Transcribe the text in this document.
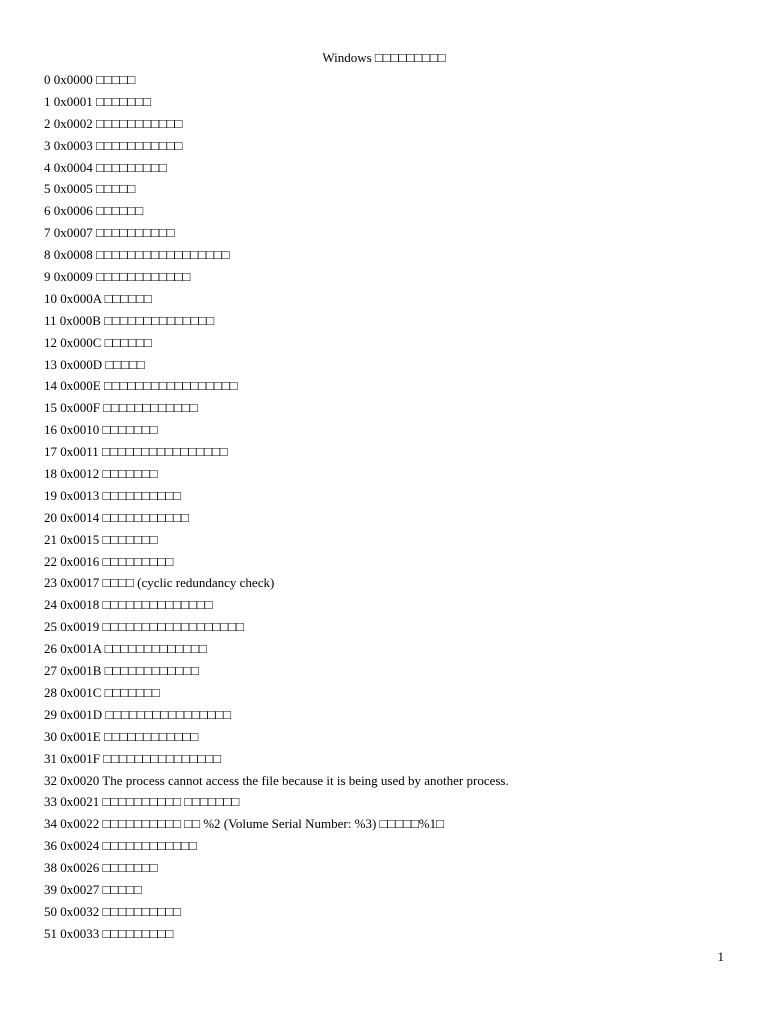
Windows □□□□□□□□□
0 0x0000 □□□□□
1 0x0001 □□□□□□□
2 0x0002 □□□□□□□□□□□
3 0x0003 □□□□□□□□□□□
4 0x0004 □□□□□□□□□
5 0x0005 □□□□□
6 0x0006 □□□□□□
7 0x0007 □□□□□□□□□□
8 0x0008 □□□□□□□□□□□□□□□□□
9 0x0009 □□□□□□□□□□□□
10 0x000A □□□□□□
11 0x000B □□□□□□□□□□□□□□
12 0x000C □□□□□□
13 0x000D □□□□□
14 0x000E □□□□□□□□□□□□□□□□□
15 0x000F □□□□□□□□□□□□
16 0x0010 □□□□□□□
17 0x0011 □□□□□□□□□□□□□□□□
18 0x0012 □□□□□□□
19 0x0013 □□□□□□□□□□
20 0x0014 □□□□□□□□□□□
21 0x0015 □□□□□□□
22 0x0016 □□□□□□□□□
23 0x0017 □□□□ (cyclic redundancy check)
24 0x0018 □□□□□□□□□□□□□□
25 0x0019 □□□□□□□□□□□□□□□□□□
26 0x001A □□□□□□□□□□□□□
27 0x001B □□□□□□□□□□□□
28 0x001C □□□□□□□
29 0x001D □□□□□□□□□□□□□□□□
30 0x001E □□□□□□□□□□□□
31 0x001F □□□□□□□□□□□□□□□
32 0x0020 The process cannot access the file because it is being used by another process.
33 0x0021 □□□□□□□□□□ □□□□□□□
34 0x0022 □□□□□□□□□□ □□ %2 (Volume Serial Number: %3) □□□□□%1□
36 0x0024 □□□□□□□□□□□□
38 0x0026 □□□□□□□
39 0x0027 □□□□□
50 0x0032 □□□□□□□□□□
51 0x0033 □□□□□□□□□
1
